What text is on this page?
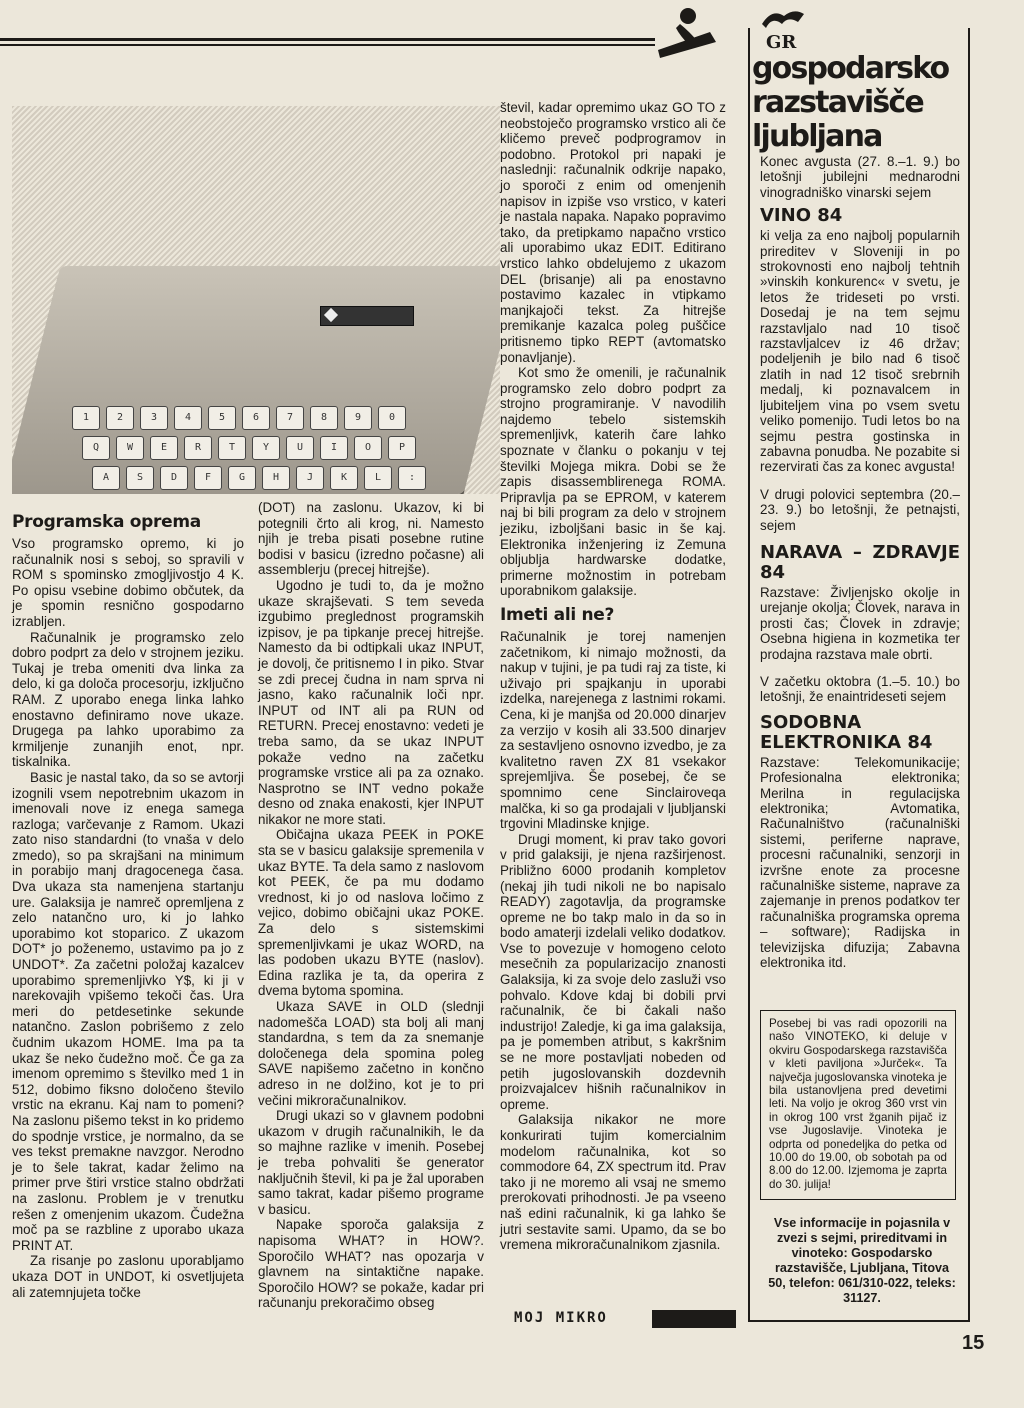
1	2	3	4	5	6	7	8	9	0
Q	W	E	R	T	Y	U	I	O	P
A	S	D	F	G	H	J	K	L	:
Programska oprema

Vso programsko opremo, ki jo računalnik nosi s seboj, so spravili v ROM s spominsko zmogljivostjo 4 K. Po opisu vsebine dobimo občutek, da je spomin resnično gospodarno izrabljen.

Računalnik je programsko zelo dobro podprt za delo v strojnem jeziku. Tukaj je treba omeniti dva linka za delo, ki ga določa procesorju, izključno RAM. Z uporabo enega linka lahko enostavno definiramo nove ukaze. Drugega pa lahko uporabimo za krmiljenje zunanjih enot, npr. tiskalnika.

Basic je nastal tako, da so se avtorji izognili vsem nepotrebnim ukazom in imenovali nove iz enega samega razloga; varčevanje z Ramom. Ukazi zato niso standardni (to vnaša v delo zmedo), so pa skrajšani na minimum in porabijo manj dragocenega časa. Dva ukaza sta namenjena startanju ure. Galaksija je namreč opremljena z zelo natančno uro, ki jo lahko uporabimo kot stoparico. Z ukazom DOT* jo poženemo, ustavimo pa jo z UNDOT*. Za začetni položaj kazalcev uporabimo spremenljivko Y$, ki ji v narekovajih vpišemo tekoči čas. Ura meri do petdesetinke sekunde natančno. Zaslon pobrišemo z zelo čudnim ukazom HOME. Ima pa ta ukaz še neko čudežno moč. Če ga za imenom opremimo s številko med 1 in 512, dobimo fiksno določeno število vrstic na ekranu. Kaj nam to pomeni? Na zaslonu pišemo tekst in ko pridemo do spodnje vrstice, je normalno, da se ves tekst premakne navzgor. Nerodno je to šele takrat, kadar želimo na primer prve štiri vrstice stalno obdržati na zaslonu. Problem je v trenutku rešen z omenjenim ukazom. Čudežna moč pa se razbline z uporabo ukaza PRINT AT.

Za risanje po zaslonu uporabljamo ukaza DOT in UNDOT, ki osvetljujeta ali zatemnjujeta točke

(DOT) na zaslonu. Ukazov, ki bi potegnili črto ali krog, ni. Namesto njih je treba pisati posebne rutine bodisi v basicu (izredno počasne) ali assemblerju (precej hitrejše).

Ugodno je tudi to, da je možno ukaze skrajševati. S tem seveda izgubimo preglednost programskih izpisov, je pa tipkanje precej hitrejše. Namesto da bi odtipkali ukaz INPUT, je dovolj, če pritisnemo I in piko. Stvar se zdi precej čudna in nam sprva ni jasno, kako računalnik loči npr. INPUT od INT ali pa RUN od RETURN. Precej enostavno: vedeti je treba samo, da se ukaz INPUT pokaže vedno na začetku programske vrstice ali pa za oznako. Nasprotno se INT vedno pokaže desno od znaka enakosti, kjer INPUT nikakor ne more stati.

Običajna ukaza PEEK in POKE sta se v basicu galaksije spremenila v ukaz BYTE. Ta dela samo z naslovom kot PEEK, če pa mu dodamo vrednost, ki jo od naslova ločimo z vejico, dobimo običajni ukaz POKE. Za delo s sistemskimi spremenljivkami je ukaz WORD, na las podoben ukazu BYTE (naslov). Edina razlika je ta, da operira z dvema bytoma spomina.

Ukaza SAVE in OLD (slednji nadomešča LOAD) sta bolj ali manj standardna, s tem da za snemanje določenega dela spomina poleg SAVE napišemo začetno in končno adreso in ne dolžino, kot je to pri večini mikroračunalnikov.

Drugi ukazi so v glavnem podobni ukazom v drugih računalnikih, le da so majhne razlike v imenih. Posebej je treba pohvaliti še generator naključnih števil, ki pa je žal uporaben samo takrat, kadar pišemo programe v basicu.

Napake sporoča galaksija z napisoma WHAT? in HOW?. Sporočilo WHAT? nas opozarja v glavnem na sintaktične napake. Sporočilo HOW? se pokaže, kadar pri računanju prekoračimo obseg

števil, kadar opremimo ukaz GO TO z neobstoječo programsko vrstico ali če kličemo preveč podprogramov in podobno. Protokol pri napaki je naslednji: računalnik odkrije napako, jo sporoči z enim od omenjenih napisov in izpiše vso vrstico, v kateri je nastala napaka. Napako popravimo tako, da pretipkamo napačno vrstico ali uporabimo ukaz EDIT. Editirano vrstico lahko obdelujemo z ukazom DEL (brisanje) ali pa enostavno postavimo kazalec in vtipkamo manjkajoči tekst. Za hitrejše premikanje kazalca poleg puščice pritisnemo tipko REPT (avtomatsko ponavljanje).

Kot smo že omenili, je računalnik programsko zelo dobro podprt za strojno programiranje. V navodilih najdemo tebelo sistemskih spremenljivk, katerih čare lahko spoznate v članku o pokanju v tej številki Mojega mikra. Dobi se že zapis disassemblirenega ROMA. Pripravlja pa se EPROM, v katerem naj bi bili program za delo v strojnem jeziku, izboljšani basic in še kaj. Elektronika inženjering iz Zemuna obljublja hardwarske dodatke, primerne možnostim in potrebam uporabnikom galaksije.

Imeti ali ne?

Računalnik je torej namenjen začetnikom, ki nimajo možnosti, da nakup v tujini, je pa tudi raj za tiste, ki uživajo pri spajkanju in uporabi izdelka, narejenega z lastnimi rokami. Cena, ki je manjša od 20.000 dinarjev za verzijo v kosih ali 33.500 dinarjev za sestavljeno osnovno izvedbo, je za kvalitetno raven ZX 81 vsekakor sprejemljiva. Še posebej, če se spomnimo cene Sinclairoveqa malčka, ki so ga prodajali v ljubljanski trgovini Mladinske knjige.

Drugi moment, ki prav tako govori v prid galaksiji, je njena razširjenost. Približno 6000 prodanih kompletov (nekaj jih tudi nikoli ne bo napisalo READY) zagotavlja, da programske opreme ne bo takp malo in da so in bodo amaterji izdelali veliko dodatkov. Vse to povezuje v homogeno celoto mesečnih za popularizacijo znanosti Galaksija, ki za svoje delo zasluži vso pohvalo. Kdove kdaj bi dobili prvi računalnik, če bi čakali našo industrijo! Zaledje, ki ga ima galaksija, pa je pomemben atribut, s kakršnim se ne more postavljati nobeden od petih jugoslovanskih dozdevnih proizvajalcev hišnih računalnikov in opreme.

Galaksija nikakor ne more konkurirati tujim komercialnim modelom računalnika, kot so commodore 64, ZX spectrum itd. Prav tako ji ne moremo ali vsaj ne smemo prerokovati prihodnosti. Je pa vseeno naš edini računalnik, ki ga lahko še jutri sestavite sami. Upamo, da se bo vremena mikroračunalnikom zjasnila.

MOJ MIKRO
GR
gospodarsko
razstavišče
ljubljana

Konec avgusta (27. 8.–1. 9.) bo letošnji jubilejni mednarodni vinogradniško vinarski sejem

VINO 84

ki velja za eno najbolj popularnih prireditev v Sloveniji in po strokovnosti eno najbolj tehtnih »vinskih konkurenc« v svetu, je letos že trideseti po vrsti. Dosedaj je na tem sejmu razstavljalo nad 10 tisoč razstavljalcev iz 46 držav; podeljenih je bilo nad 6 tisoč zlatih in nad 12 tisoč srebrnih medalj, ki poznavalcem in ljubiteljem vina po vsem svetu veliko pomenijo. Tudi letos bo na sejmu pestra gostinska in zabavna ponudba. Ne pozabite si rezervirati čas za konec avgusta!

V drugi polovici septembra (20.–23. 9.) bo letošnji, že petnajsti, sejem

NARAVA – ZDRAVJE 84

Razstave: Življenjsko okolje in urejanje okolja; Človek, narava in prosti čas; Človek in zdravje; Osebna higiena in kozmetika ter prodajna razstava male obrti.

V začetku oktobra (1.–5. 10.) bo letošnji, že enaintrideseti sejem

SODOBNA ELEKTRONIKA 84

Razstave: Telekomunikacije; Profesionalna elektronika; Merilna in regulacijska elektronika; Avtomatika, Računalništvo (računalniški sistemi, periferne naprave, procesni računalniki, senzorji in izvršne enote za procesne računalniške sisteme, naprave za zajemanje in prenos podatkov ter računalniška programska oprema – software); Radijska in televizijska difuzija; Zabavna elektronika itd.

Posebej bi vas radi opozorili na našo VINOTEKO, ki deluje v okviru Gospodarskega razstavišča v kleti paviljona »Jurček«. Ta največja jugoslovanska vinoteka je bila ustanovljena pred devetimi leti. Na voljo je okrog 360 vrst vin in okrog 100 vrst žganih pijač iz vse Jugoslavije. Vinoteka je odprta od ponedeljka do petka od 10.00 do 19.00, ob sobotah pa od 8.00 do 12.00. Izjemoma je zaprta do 30. julija!
Vse informacije in pojasnila v zvezi s sejmi, prireditvami in vinoteko: Gospodarsko razstavišče, Ljubljana, Titova 50, telefon: 061/310-022, teleks: 31127.
15
